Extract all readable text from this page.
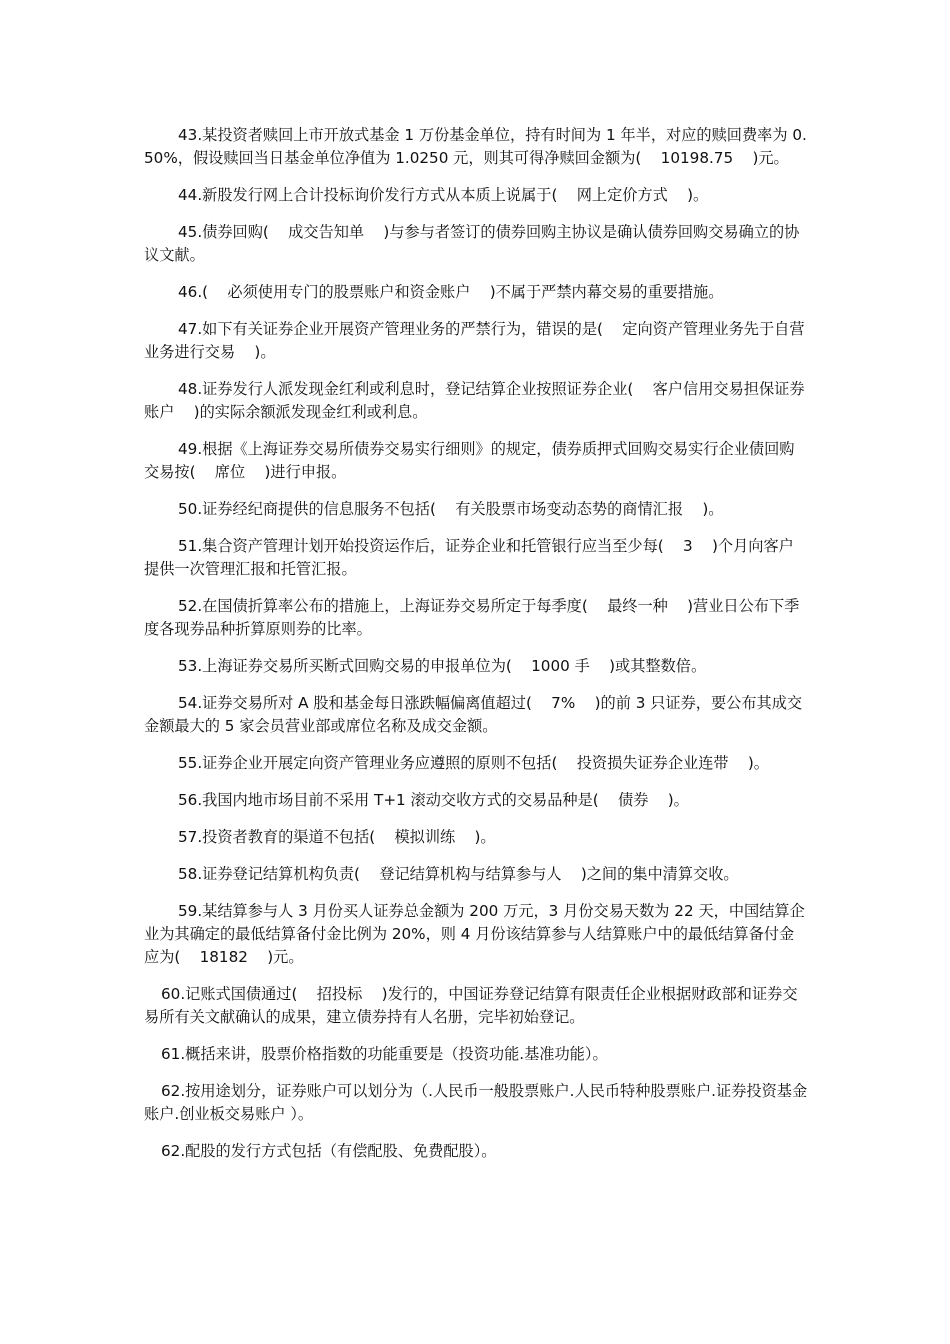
43.某投资者赎回上市开放式基金 1 万份基金单位，持有时间为 1 年半，对应的赎回费率为 0.50%，假设赎回当日基金单位净值为 1.0250 元，则其可得净赎回金额为(    10198.75    )元。

44.新股发行网上合计投标询价发行方式从本质上说属于(    网上定价方式    )。

45.债券回购(    成交告知单    )与参与者签订的债券回购主协议是确认债券回购交易确立的协议文献。

46.(    必须使用专门的股票账户和资金账户    )不属于严禁内幕交易的重要措施。

47.如下有关证券企业开展资产管理业务的严禁行为，错误的是(    定向资产管理业务先于自营业务进行交易    )。

48.证券发行人派发现金红利或利息时，登记结算企业按照证券企业(    客户信用交易担保证券账户    )的实际余额派发现金红利或利息。

49.根据《上海证券交易所债券交易实行细则》的规定，债券质押式回购交易实行企业债回购交易按(    席位    )进行申报。

50.证券经纪商提供的信息服务不包括(    有关股票市场变动态势的商情汇报    )。

51.集合资产管理计划开始投资运作后，证券企业和托管银行应当至少每(    3    )个月向客户提供一次管理汇报和托管汇报。

52.在国债折算率公布的措施上，上海证券交易所定于每季度(    最终一种    )营业日公布下季度各现券品种折算原则券的比率。

53.上海证券交易所买断式回购交易的申报单位为(    1000 手    )或其整数倍。

54.证券交易所对 A 股和基金每日涨跌幅偏离值超过(    7%    )的前 3 只证券，要公布其成交金额最大的 5 家会员营业部或席位名称及成交金额。

55.证券企业开展定向资产管理业务应遵照的原则不包括(    投资损失证券企业连带    )。

56.我国内地市场目前不采用 T+1 滚动交收方式的交易品种是(    债券    )。

57.投资者教育的渠道不包括(    模拟训练    )。

58.证券登记结算机构负责(    登记结算机构与结算参与人    )之间的集中清算交收。

59.某结算参与人 3 月份买人证券总金额为 200 万元，3 月份交易天数为 22 天，中国结算企业为其确定的最低结算备付金比例为 20%，则 4 月份该结算参与人结算账户中的最低结算备付金应为(    18182    )元。

60.记账式国债通过(    招投标    )发行的，中国证券登记结算有限责任企业根据财政部和证券交易所有关文献确认的成果，建立债券持有人名册，完毕初始登记。

61.概括来讲，股票价格指数的功能重要是（投资功能.基准功能）。

62.按用途划分，证券账户可以划分为（.人民币一般股票账户.人民币特种股票账户.证券投资基金账户.创业板交易账户 ）。

62.配股的发行方式包括（有偿配股、免费配股）。
